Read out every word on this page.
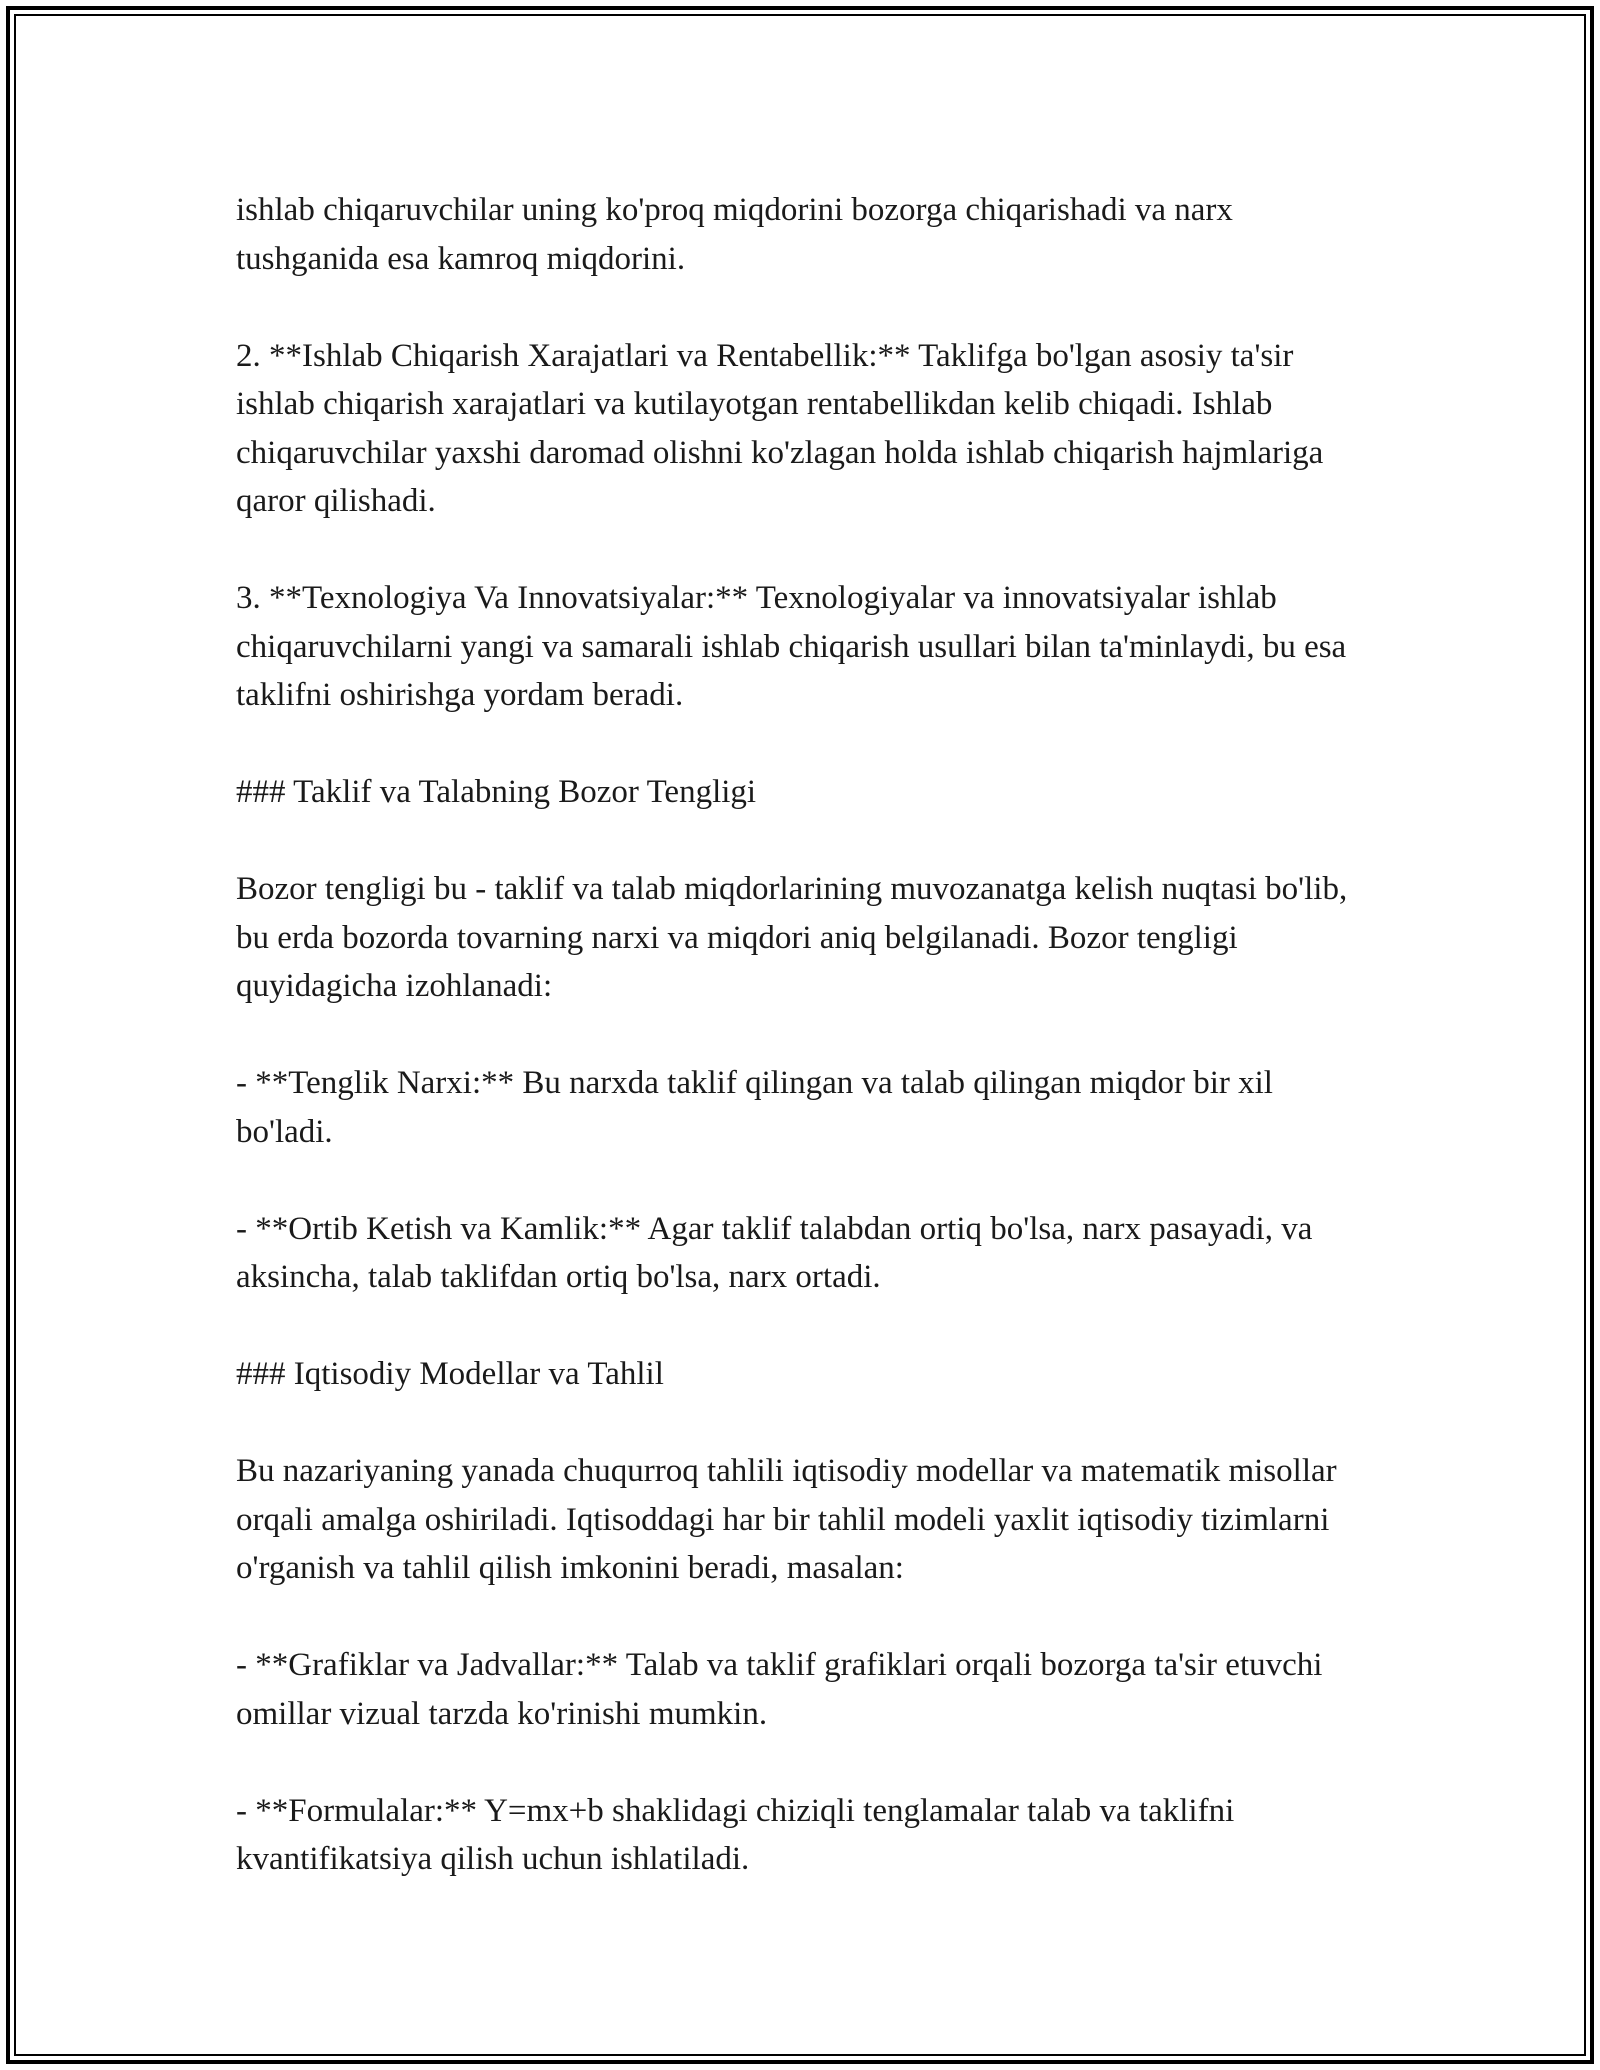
ishlab chiqaruvchilar uning ko'proq miqdorini bozorga chiqarishadi va narx tushganida esa kamroq miqdorini.

2. **Ishlab Chiqarish Xarajatlari va Rentabellik:** Taklifga bo'lgan asosiy ta'sir ishlab chiqarish xarajatlari va kutilayotgan rentabellikdan kelib chiqadi. Ishlab chiqaruvchilar yaxshi daromad olishni ko'zlagan holda ishlab chiqarish hajmlariga qaror qilishadi.

3. **Texnologiya Va Innovatsiyalar:** Texnologiyalar va innovatsiyalar ishlab chiqaruvchilarni yangi va samarali ishlab chiqarish usullari bilan ta'minlaydi, bu esa taklifni oshirishga yordam beradi.

### Taklif va Talabning Bozor Tengligi

Bozor tengligi bu - taklif va talab miqdorlarining muvozanatga kelish nuqtasi bo'lib, bu erda bozorda tovarning narxi va miqdori aniq belgilanadi. Bozor tengligi quyidagicha izohlanadi:

- **Tenglik Narxi:** Bu narxda taklif qilingan va talab qilingan miqdor bir xil bo'ladi.

- **Ortib Ketish va Kamlik:** Agar taklif talabdan ortiq bo'lsa, narx pasayadi, va aksincha, talab taklifdan ortiq bo'lsa, narx ortadi.

### Iqtisodiy Modellar va Tahlil

Bu nazariyaning yanada chuqurroq tahlili iqtisodiy modellar va matematik misollar orqali amalga oshiriladi. Iqtisoddagi har bir tahlil modeli yaxlit iqtisodiy tizimlarni o'rganish va tahlil qilish imkonini beradi, masalan:

- **Grafiklar va Jadvallar:** Talab va taklif grafiklari orqali bozorga ta'sir etuvchi omillar vizual tarzda ko'rinishi mumkin.

- **Formulalar:** Y=mx+b shaklidagi chiziqli tenglamalar talab va taklifni kvantifikatsiya qilish uchun ishlatiladi.
